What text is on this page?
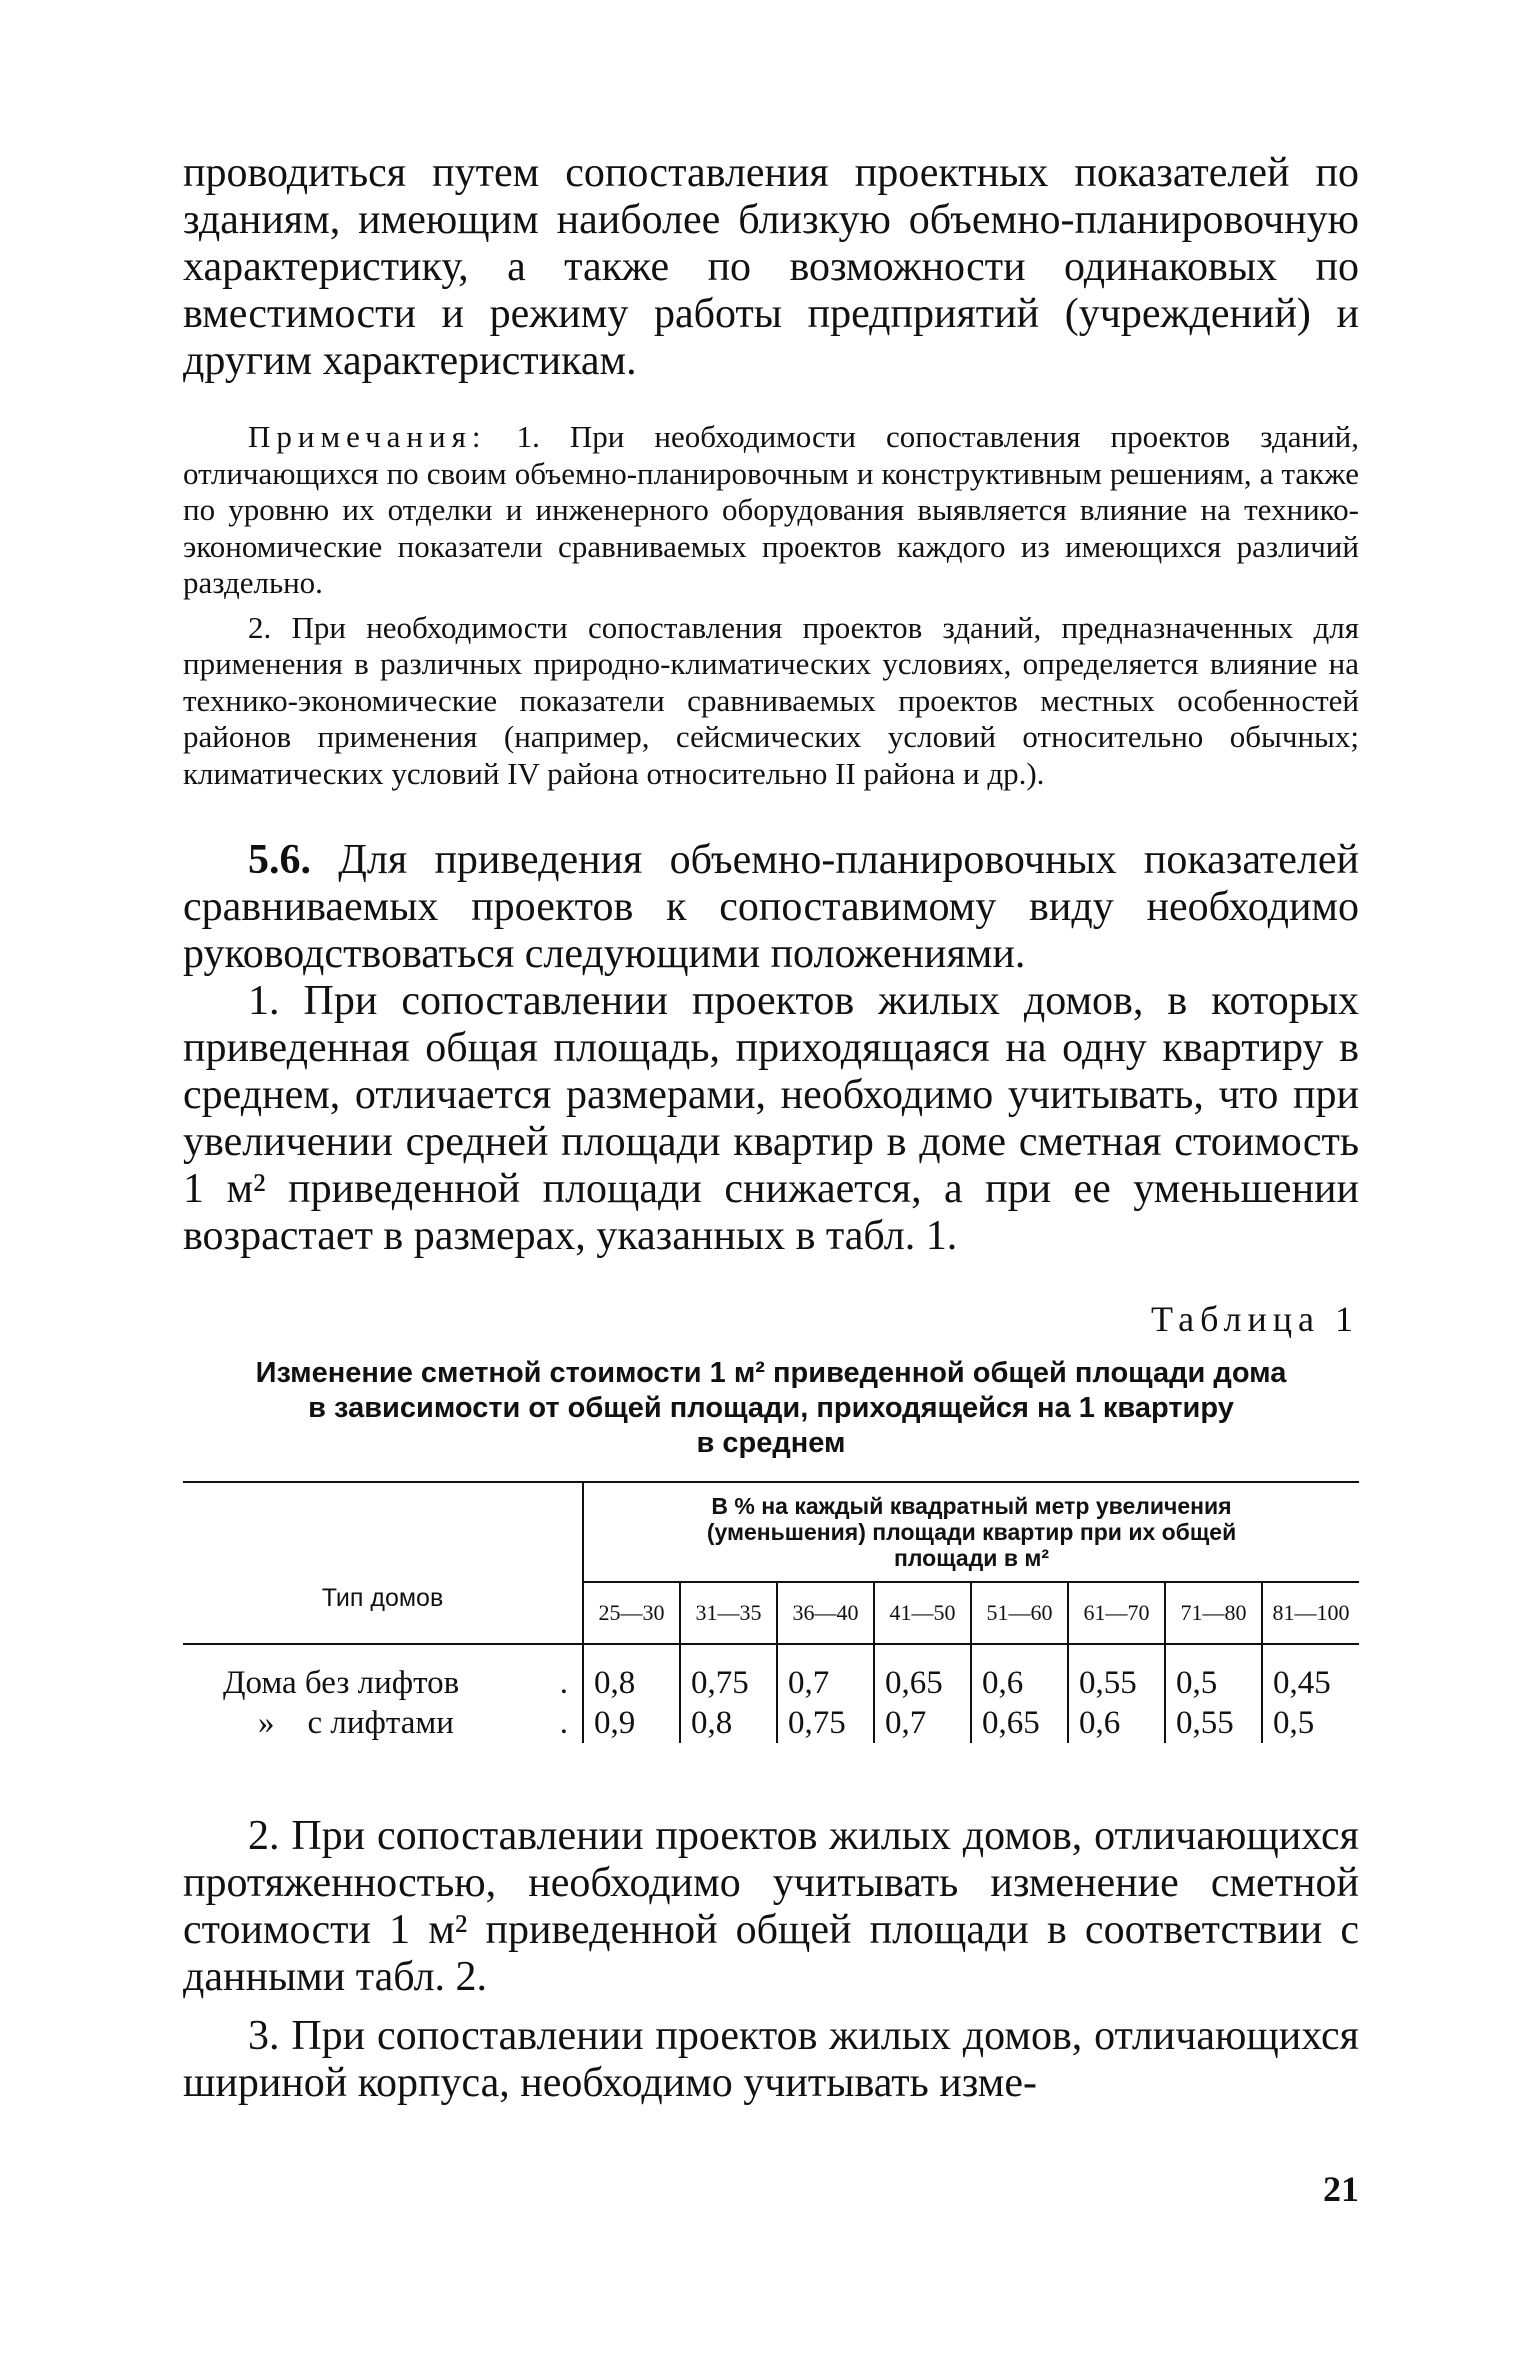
проводиться путем сопоставления проектных показателей по зданиям, имеющим наиболее близкую объемно-планировочную характеристику, а также по возможности одинаковых по вместимости и режиму работы предприятий (учреждений) и другим характеристикам.

Примечания: 1. При необходимости сопоставления проектов зданий, отличающихся по своим объемно-планировочным и конструктивным решениям, а также по уровню их отделки и инженерного оборудования выявляется влияние на технико-экономические показатели сравниваемых проектов каждого из имеющихся различий раздельно.

2. При необходимости сопоставления проектов зданий, предназначенных для применения в различных природно-климатических условиях, определяется влияние на технико-экономические показатели сравниваемых проектов местных особенностей районов применения (например, сейсмических условий относительно обычных; климатических условий IV района относительно II района и др.).

5.6. Для приведения объемно-планировочных показателей сравниваемых проектов к сопоставимому виду необходимо руководствоваться следующими положениями.

1. При сопоставлении проектов жилых домов, в которых приведенная общая площадь, приходящаяся на одну квартиру в среднем, отличается размерами, необходимо учитывать, что при увеличении средней площади квартир в доме сметная стоимость 1 м² приведенной площади снижается, а при ее уменьшении возрастает в размерах, указанных в табл. 1.

Таблица 1
Изменение сметной стоимости 1 м² приведенной общей площади дома
в зависимости от общей площади, приходящейся на 1 квартиру
в среднем
Тип домов	В % на каждый квадратный метр увеличения
(уменьшения) площади квартир при их общей
площади в м²							

	25—30	31—35	36—40	41—50	51—60	61—70	71—80	81—100

Дома без лифтов .	0,8	0,75	0,7	0,65	0,6	0,55	0,5	0,45

»    с лифтами .	0,9	0,8	0,75	0,7	0,65	0,6	0,55	0,5

2. При сопоставлении проектов жилых домов, отличающихся протяженностью, необходимо учитывать изменение сметной стоимости 1 м² приведенной общей площади в соответствии с данными табл. 2.

3. При сопоставлении проектов жилых домов, отличающихся шириной корпуса, необходимо учитывать изме-

21
